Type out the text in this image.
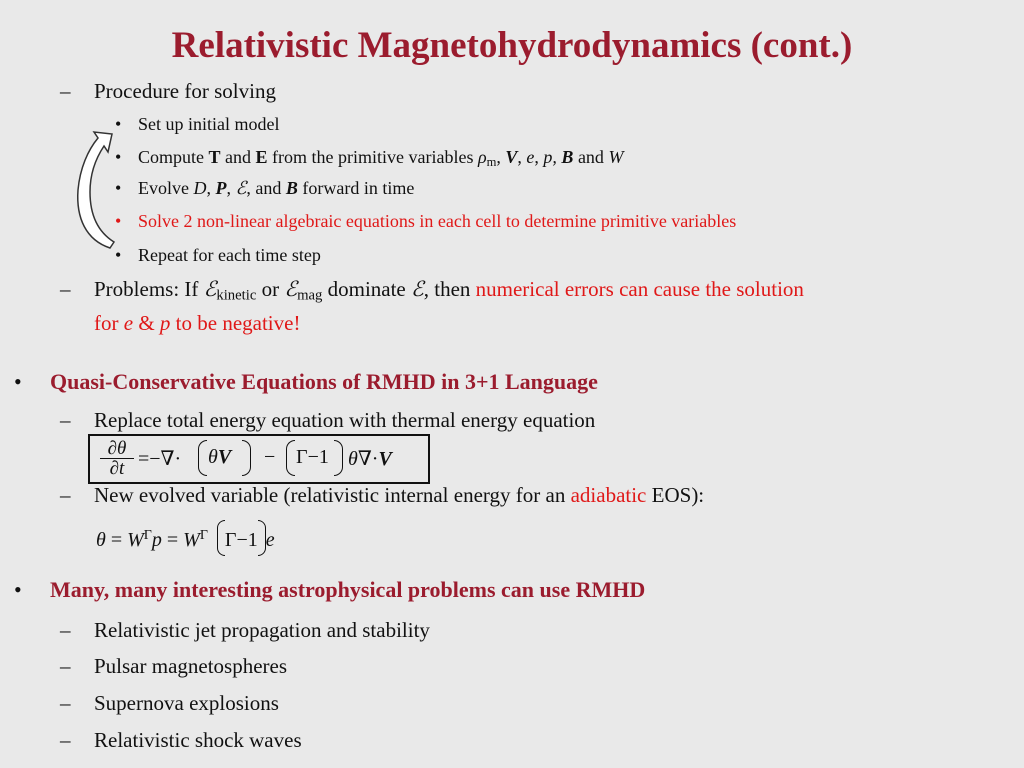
Relativistic Magnetohydrodynamics (cont.)
– Procedure for solving
• Set up initial model
• Compute T and E from the primitive variables $\rho_m$, V, e, p, B and W
• Evolve D, P, ℰ, and B forward in time
• Solve 2 non-linear algebraic equations in each cell to determine primitive variables
• Repeat for each time step
– Problems: If ℰ$_{kinetic}$ or ℰ$_{mag}$ dominate ℰ, then numerical errors can cause the solution
for e & p to be negative!
• Quasi-Conservative Equations of RMHD in 3+1 Language
– Replace total energy equation with thermal energy equation
$\frac{\partial\theta}{\partial t}$ =−∇· θV − Γ−1 θ∇·V
– New evolved variable (relativistic internal energy for an adiabatic EOS):
$\theta = W^\Gamma p = W^\Gamma$ Γ−1 e
• Many, many interesting astrophysical problems can use RMHD
– Relativistic jet propagation and stability
– Pulsar magnetospheres
– Supernova explosions
– Relativistic shock waves
